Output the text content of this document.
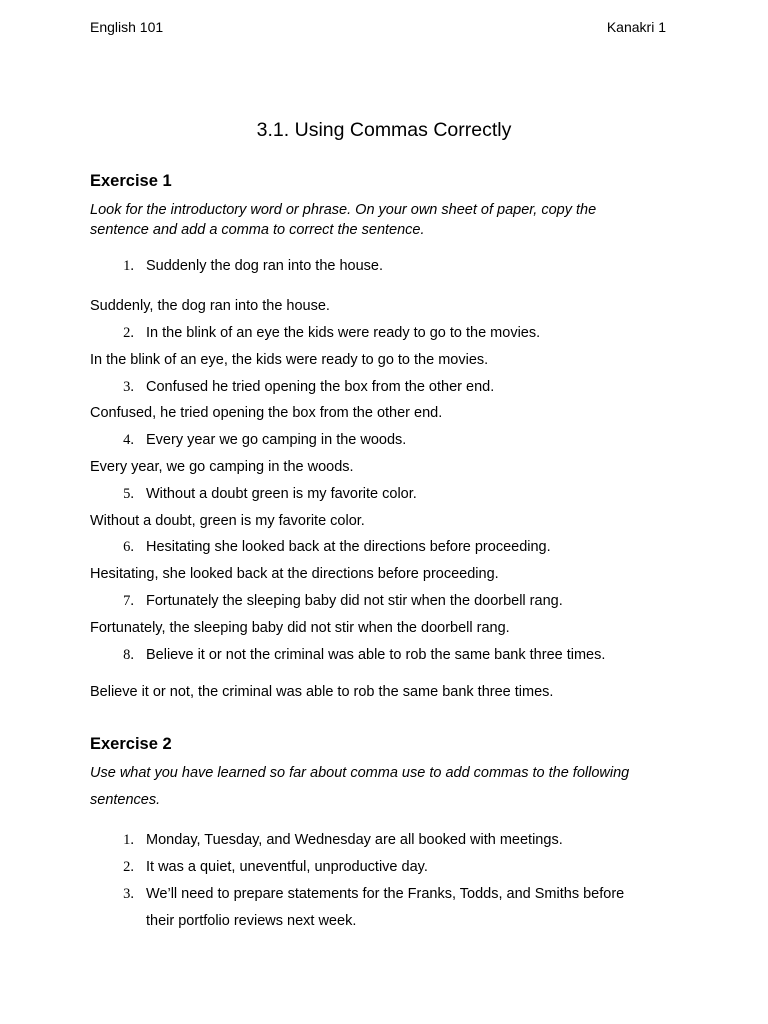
English 101	Kanakri 1
3.1. Using Commas Correctly
Exercise 1
Look for the introductory word or phrase. On your own sheet of paper, copy the
sentence and add a comma to correct the sentence.
1. Suddenly the dog ran into the house.
Suddenly, the dog ran into the house.
2. In the blink of an eye the kids were ready to go to the movies.
In the blink of an eye, the kids were ready to go to the movies.
3. Confused he tried opening the box from the other end.
Confused, he tried opening the box from the other end.
4. Every year we go camping in the woods.
Every year, we go camping in the woods.
5. Without a doubt green is my favorite color.
Without a doubt, green is my favorite color.
6. Hesitating she looked back at the directions before proceeding.
Hesitating, she looked back at the directions before proceeding.
7. Fortunately the sleeping baby did not stir when the doorbell rang.
Fortunately, the sleeping baby did not stir when the doorbell rang.
8. Believe it or not the criminal was able to rob the same bank three times.
Believe it or not, the criminal was able to rob the same bank three times.
Exercise 2
Use what you have learned so far about comma use to add commas to the following
sentences.
1. Monday, Tuesday, and Wednesday are all booked with meetings.
2. It was a quiet, uneventful, unproductive day.
3. We’ll need to prepare statements for the Franks, Todds, and Smiths before
their portfolio reviews next week.
